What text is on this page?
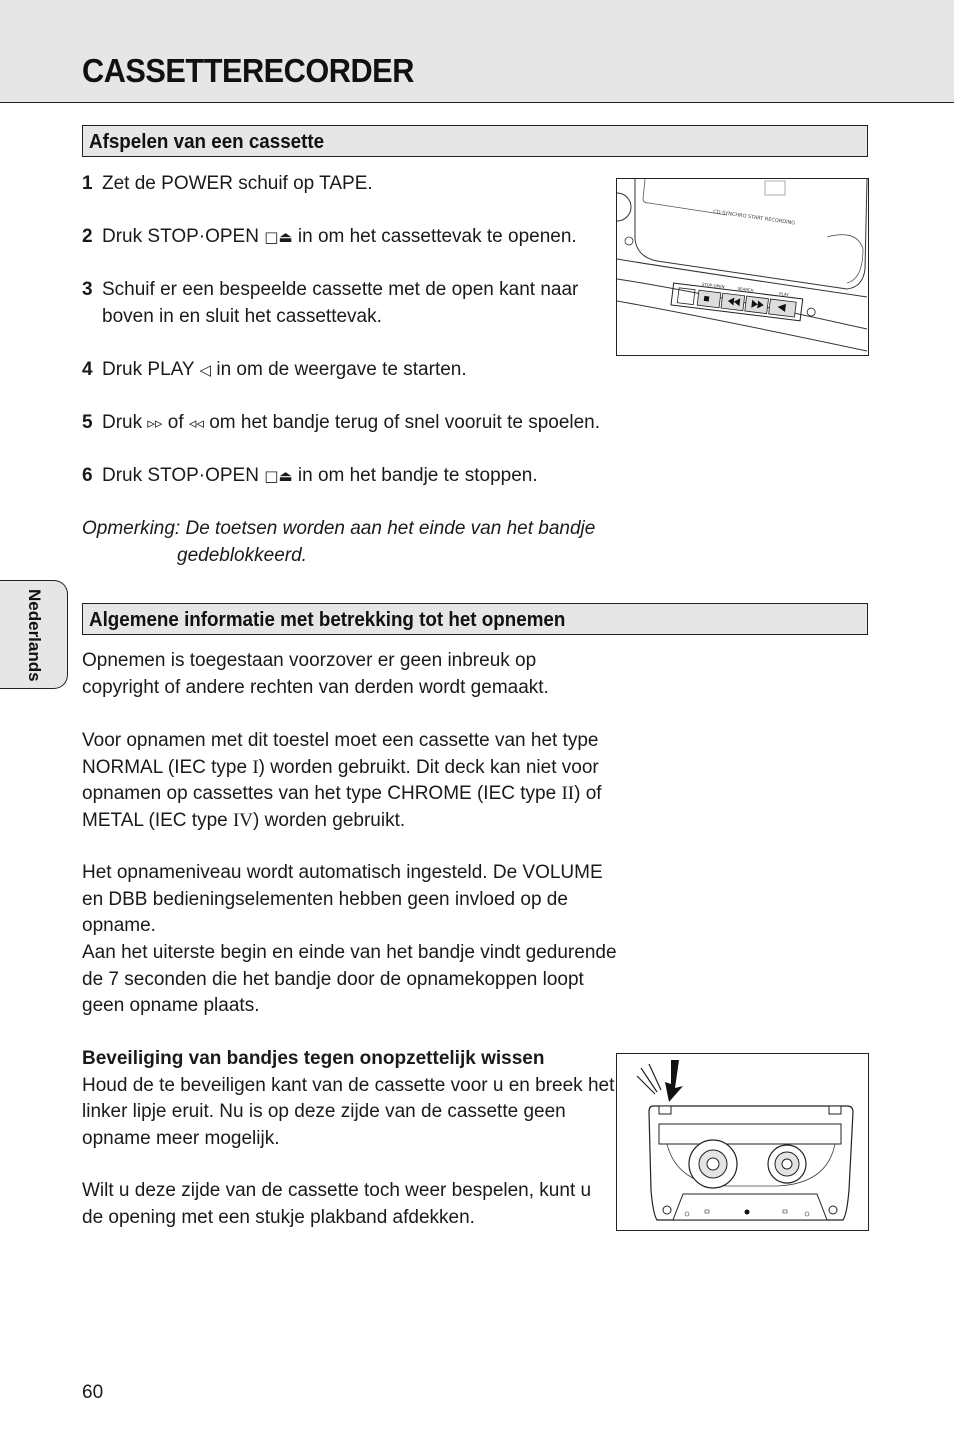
CASSETTERECORDER
Afspelen van een cassette
1 Zet de POWER schuif op TAPE.
2 Druk STOP·OPEN □⏏ in om het cassettevak te openen.
3 Schuif er een bespeelde cassette met de open kant naar boven in en sluit het cassettevak.
4 Druk PLAY ◁ in om de weergave te starten.
5 Druk ▹▹ of ◃◃ om het bandje terug of snel vooruit te spoelen.
6 Druk STOP·OPEN □⏏ in om het bandje te stoppen.
Opmerking: De toetsen worden aan het einde van het bandje
gedeblokkeerd.
CD SYNCHRO START RECORDING
STOP·OPEN
SEARCH
PLAY
Nederlands	Algemene informatie met betrekking tot het opnemen
Opnemen is toegestaan voorzover er geen inbreuk op copyright of andere rechten van derden wordt gemaakt.
Voor opnamen met dit toestel moet een cassette van het type NORMAL (IEC type I) worden gebruikt. Dit deck kan niet voor opnamen op cassettes van het type CHROME (IEC type II) of METAL (IEC type IV) worden gebruikt.
Het opnameniveau wordt automatisch ingesteld. De VOLUME en DBB bedieningselementen hebben geen invloed op de opname.
Aan het uiterste begin en einde van het bandje vindt gedurende de 7 seconden die het bandje door de opnamekoppen loopt geen opname plaats.
Beveiliging van bandjes tegen onopzettelijk wissen
Houd de te beveiligen kant van de cassette voor u en breek het linker lipje eruit. Nu is op deze zijde van de cassette geen opname meer mogelijk.
Wilt u deze zijde van de cassette toch weer bespelen, kunt u de opening met een stukje plakband afdekken.
60
